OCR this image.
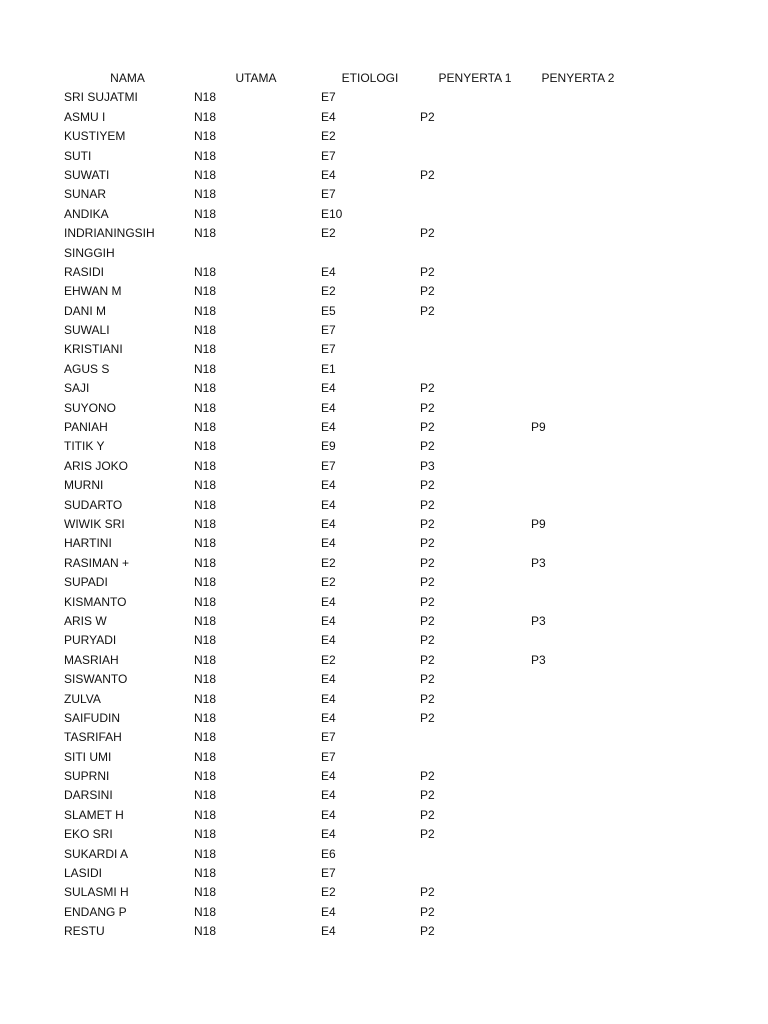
NAMA	UTAMA	ETIOLOGI	PENYERTA 1	PENYERTA 2
SRI SUJATMI	N18	E7
ASMU I	N18	E4	P2
KUSTIYEM	N18	E2
SUTI	N18	E7
SUWATI	N18	E4	P2
SUNAR	N18	E7
ANDIKA	N18	E10
INDRIANINGSIH	N18	E2	P2
SINGGIH
RASIDI	N18	E4	P2
EHWAN M	N18	E2	P2
DANI M	N18	E5	P2
SUWALI	N18	E7
KRISTIANI	N18	E7
AGUS S	N18	E1
SAJI	N18	E4	P2
SUYONO	N18	E4	P2
PANIAH	N18	E4	P2	P9
TITIK Y	N18	E9	P2
ARIS JOKO	N18	E7	P3
MURNI	N18	E4	P2
SUDARTO	N18	E4	P2
WIWIK SRI	N18	E4	P2	P9
HARTINI	N18	E4	P2
RASIMAN +	N18	E2	P2	P3
SUPADI	N18	E2	P2
KISMANTO	N18	E4	P2
ARIS W	N18	E4	P2	P3
PURYADI	N18	E4	P2
MASRIAH	N18	E2	P2	P3
SISWANTO	N18	E4	P2
ZULVA	N18	E4	P2
SAIFUDIN	N18	E4	P2
TASRIFAH	N18	E7
SITI UMI	N18	E7
SUPRNI	N18	E4	P2
DARSINI	N18	E4	P2
SLAMET H	N18	E4	P2
EKO SRI	N18	E4	P2
SUKARDI A	N18	E6
LASIDI	N18	E7
SULASMI H	N18	E2	P2
ENDANG P	N18	E4	P2
RESTU	N18	E4	P2
